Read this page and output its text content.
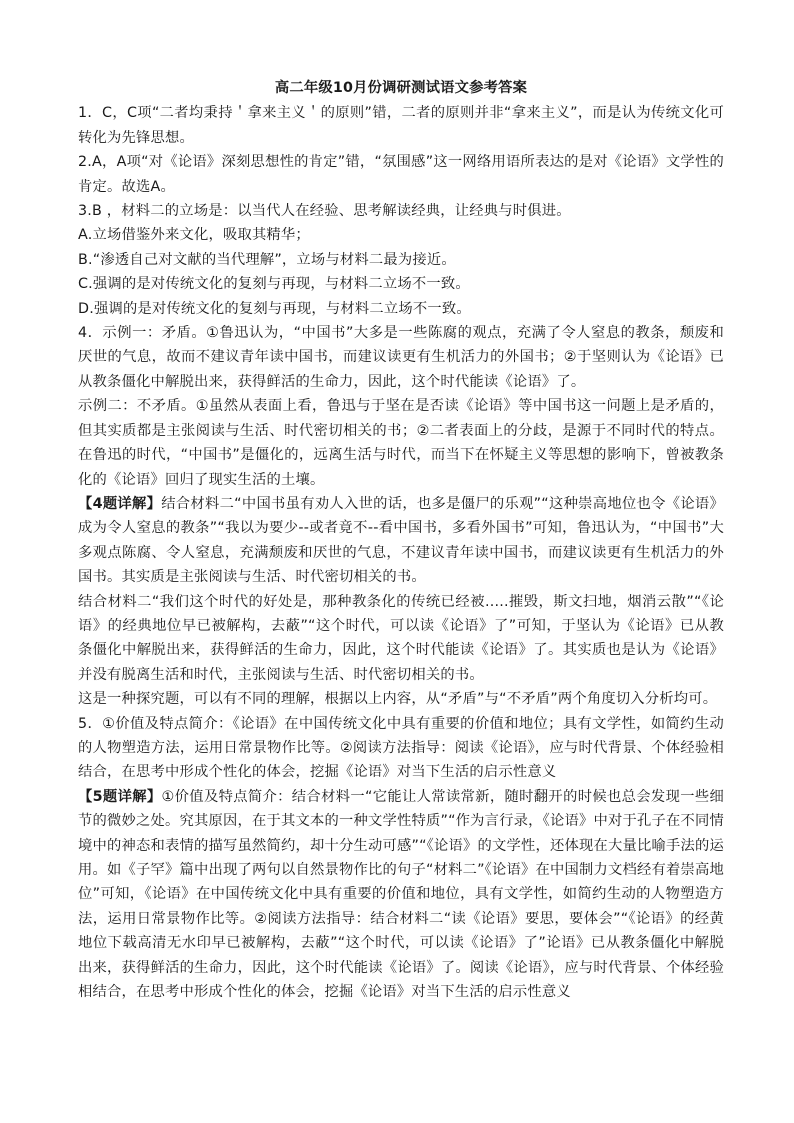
高二年级10月份调研测试语文参考答案

1．C，C项“二者均秉持＇拿来主义＇的原则”错，二者的原则并非“拿来主义”，而是认为传统文化可转化为先锋思想。

2.A，A项“对《论语》深刻思想性的肯定”错，“氛围感”这一网络用语所表达的是对《论语》文学性的肯定。故选A。

3.B ，材料二的立场是：以当代人在经验、思考解读经典，让经典与时俱进。

A.立场借鉴外来文化，吸取其精华；

B.“渗透自己对文献的当代理解”，立场与材料二最为接近。

C.强调的是对传统文化的复刻与再现，与材料二立场不一致。

D.强调的是对传统文化的复刻与再现，与材料二立场不一致。

4．示例一：矛盾。①鲁迅认为，“中国书”大多是一些陈腐的观点，充满了令人窒息的教条，颓废和厌世的气息，故而不建议青年读中国书，而建议读更有生机活力的外国书；②于坚则认为《论语》已从教条僵化中解脱出来，获得鲜活的生命力，因此，这个时代能读《论语》了。

示例二：不矛盾。①虽然从表面上看，鲁迅与于坚在是否读《论语》等中国书这一问题上是矛盾的，但其实质都是主张阅读与生活、时代密切相关的书；②二者表面上的分歧，是源于不同时代的特点。在鲁迅的时代，“中国书”是僵化的，远离生活与时代，而当下在怀疑主义等思想的影响下，曾被教条化的《论语》回归了现实生活的土壤。

【4题详解】结合材料二“中国书虽有劝人入世的话，也多是僵尸的乐观”“这种崇高地位也令《论语》成为令人窒息的教条”“我以为要少--或者竟不--看中国书，多看外国书”可知，鲁迅认为，“中国书”大多观点陈腐、令人窒息，充满颓废和厌世的气息，不建议青年读中国书，而建议读更有生机活力的外国书。其实质是主张阅读与生活、时代密切相关的书。

结合材料二“我们这个时代的好处是，那种教条化的传统已经被.....摧毁，斯文扫地，烟消云散”“《论语》的经典地位早已被解构，去蔽”“这个时代，可以读《论语》了”可知，于坚认为《论语》已从教条僵化中解脱出来，获得鲜活的生命力，因此，这个时代能读《论语》了。其实质也是认为《论语》并没有脱离生活和时代，主张阅读与生活、时代密切相关的书。

这是一种探究题，可以有不同的理解，根据以上内容，从“矛盾”与“不矛盾”两个角度切入分析均可。

5．①价值及特点简介：《论语》在中国传统文化中具有重要的价值和地位；具有文学性，如简约生动的人物塑造方法，运用日常景物作比等。②阅读方法指导：阅读《论语》，应与时代背景、个体经验相结合，在思考中形成个性化的体会，挖掘《论语》对当下生活的启示性意义

【5题详解】①价值及特点简介：结合材料一“它能让人常读常新，随时翻开的时候也总会发现一些细节的微妙之处。究其原因，在于其文本的一种文学性特质”“作为言行录，《论语》中对于孔子在不同情境中的神态和表情的描写虽然简约，却十分生动可感”“《论语》的文学性，还体现在大量比喻手法的运用。如《子罕》篇中出现了两句以自然景物作比的句子“材料二”《论语》在中国制力文档经有着崇高地位”可知，《论语》在中国传统文化中具有重要的价值和地位，具有文学性，如简约生动的人物塑造方法，运用日常景物作比等。②阅读方法指导：结合材料二“读《论语》要思，要体会”“《论语》的经黄地位下载高清无水印早已被解构，去蔽”“这个时代，可以读《论语》了”论语》已从教条僵化中解脱出来，获得鲜活的生命力，因此，这个时代能读《论语》了。阅读《论语》，应与时代背景、个体经验相结合，在思考中形成个性化的体会，挖掘《论语》对当下生活的启示性意义
